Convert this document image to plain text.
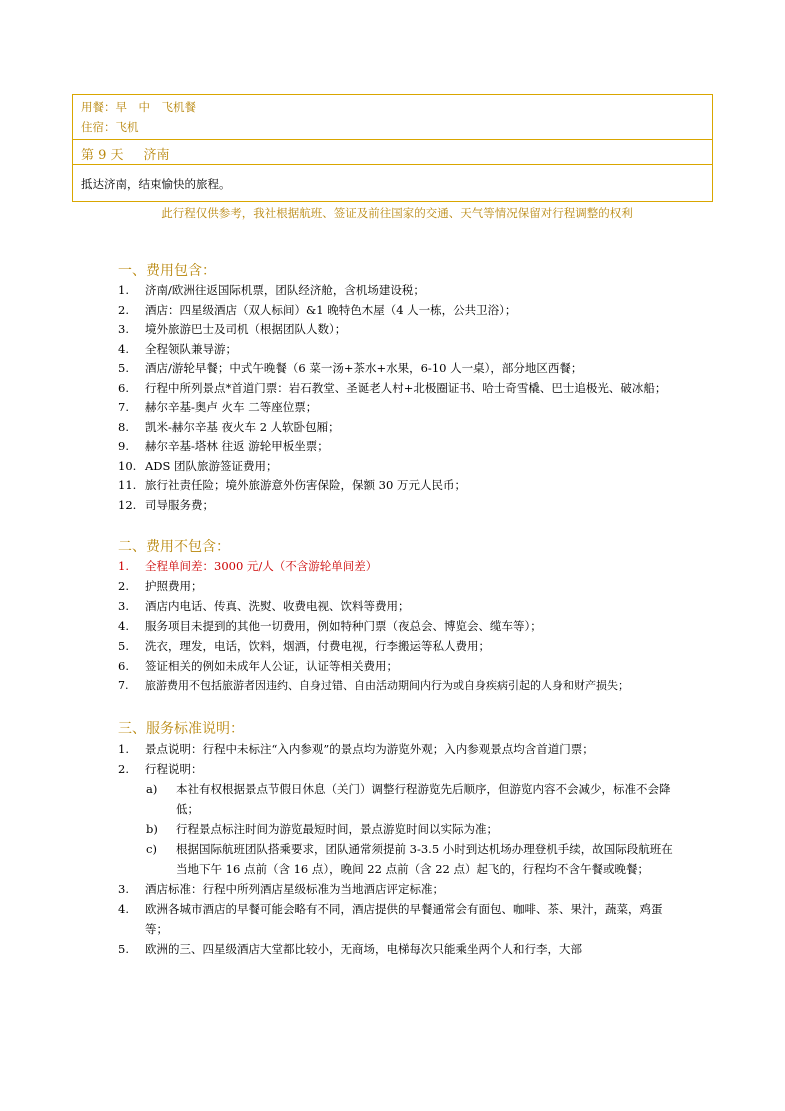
用餐：早　中　飞机餐
住宿：飞机
第 9 天 济南
抵达济南，结束愉快的旅程。
此行程仅供参考，我社根据航班、签证及前往国家的交通、天气等情况保留对行程调整的权利
一、费用包含：
1.	济南/欧洲往返国际机票，团队经济舱，含机场建设税；
2.	酒店：四星级酒店（双人标间）&1 晚特色木屋（4 人一栋，公共卫浴）；
3.	境外旅游巴士及司机（根据团队人数）；
4.	全程领队兼导游；
5.	酒店/游轮早餐；中式午晚餐（6 菜一汤+茶水+水果，6-10 人一桌），部分地区西餐；
6.	行程中所列景点*首道门票：岩石教堂、圣诞老人村+北极圈证书、哈士奇雪橇、巴士追极光、破冰船；
7.	赫尔辛基-奥卢 火车 二等座位票；
8.	凯米-赫尔辛基 夜火车 2 人软卧包厢；
9.	赫尔辛基-塔林 往返 游轮甲板坐票；
10. ADS 团队旅游签证费用；
11. 旅行社责任险；境外旅游意外伤害保险，保额 30 万元人民币；
12. 司导服务费；
二、费用不包含：
1.	全程单间差：3000 元/人（不含游轮单间差）
2.	护照费用；
3.	酒店内电话、传真、洗熨、收费电视、饮料等费用；
4.	服务项目未提到的其他一切费用，例如特种门票（夜总会、博览会、缆车等）；
5.	洗衣，理发，电话，饮料，烟酒，付费电视，行李搬运等私人费用；
6.	签证相关的例如未成年人公证，认证等相关费用；
7.	旅游费用不包括旅游者因违约、自身过错、自由活动期间内行为或自身疾病引起的人身和财产损失；
三、服务标准说明：
1.	景点说明：行程中未标注“入内参观”的景点均为游览外观；入内参观景点均含首道门票；
2.	行程说明：
a)	本社有权根据景点节假日休息（关门）调整行程游览先后顺序，但游览内容不会减少，标准不会降低；
b)	行程景点标注时间为游览最短时间，景点游览时间以实际为准；
c)	根据国际航班团队搭乘要求，团队通常须提前 3-3.5 小时到达机场办理登机手续，故国际段航班在当地下午 16 点前（含 16 点），晚间 22 点前（含 22 点）起飞的，行程均不含午餐或晚餐；
3.	酒店标准：行程中所列酒店星级标准为当地酒店评定标准；
4.	欧洲各城市酒店的早餐可能会略有不同，酒店提供的早餐通常会有面包、咖啡、茶、果汁，蔬菜，鸡蛋等；
5.	欧洲的三、四星级酒店大堂都比较小，无商场，电梯每次只能乘坐两个人和行李，大部
